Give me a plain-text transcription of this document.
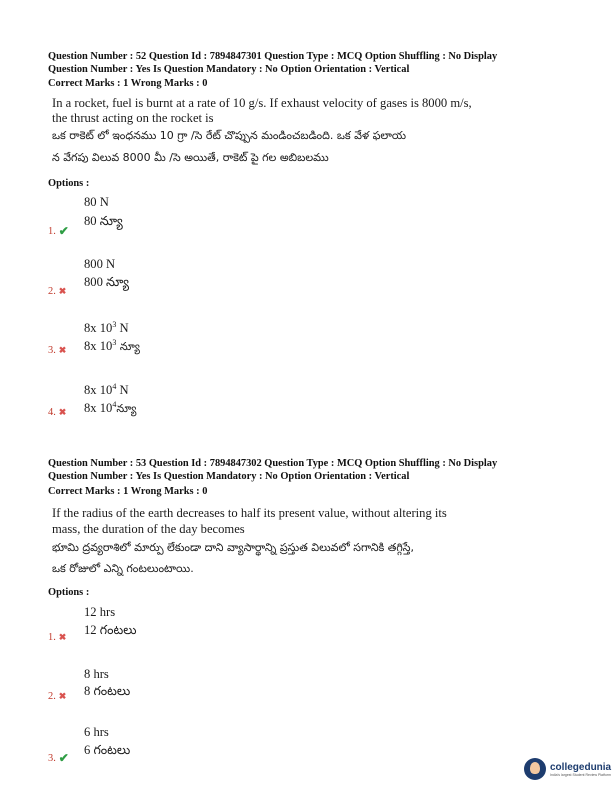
Question Number : 52 Question Id : 7894847301 Question Type : MCQ Option Shuffling : No Display
Question Number : Yes Is Question Mandatory : No Option Orientation : Vertical
Correct Marks : 1 Wrong Marks : 0
In a rocket, fuel is burnt at a rate of 10 g/s. If exhaust velocity of gases is 8000 m/s,
the thrust acting on the rocket is
ఒక రాకెట్ లో ఇంధనము 10 గ్రా /సె రేట్ చొప్పున మండించబడింది. ఒక వేళ ఫలాయ
న వేగపు విలువ 8000 మీ /సె అయితే, రాకెట్ పై గల అబిబలము
Options :
80 N
80 న్యూ
1. ✔
800 N
800 న్యూ
2. ✖
8x $10^3$ N
8x $10^3$ న్యూ
3. ✖
8x $10^4$ N
8x $10^4న్యూ$
4. ✖
Question Number : 53 Question Id : 7894847302 Question Type : MCQ Option Shuffling : No Display
Question Number : Yes Is Question Mandatory : No Option Orientation : Vertical
Correct Marks : 1 Wrong Marks : 0
If the radius of the earth decreases to half its present value, without altering its
mass, the duration of the day becomes
భూమి ద్రవ్యరాశిలో మార్పు లేకుండా దాని వ్యాసార్థాన్ని ప్రస్తుత విలువలో సగానికి తగ్గిస్తే,
ఒక రోజులో ఎన్ని గంటలుంటాయి.
Options :
12 hrs
12 గంటలు
1. ✖
8 hrs
8 గంటలు
2. ✖
6 hrs
6 గంటలు
3. ✔
collegedunia
India's largest Student Review Platform
